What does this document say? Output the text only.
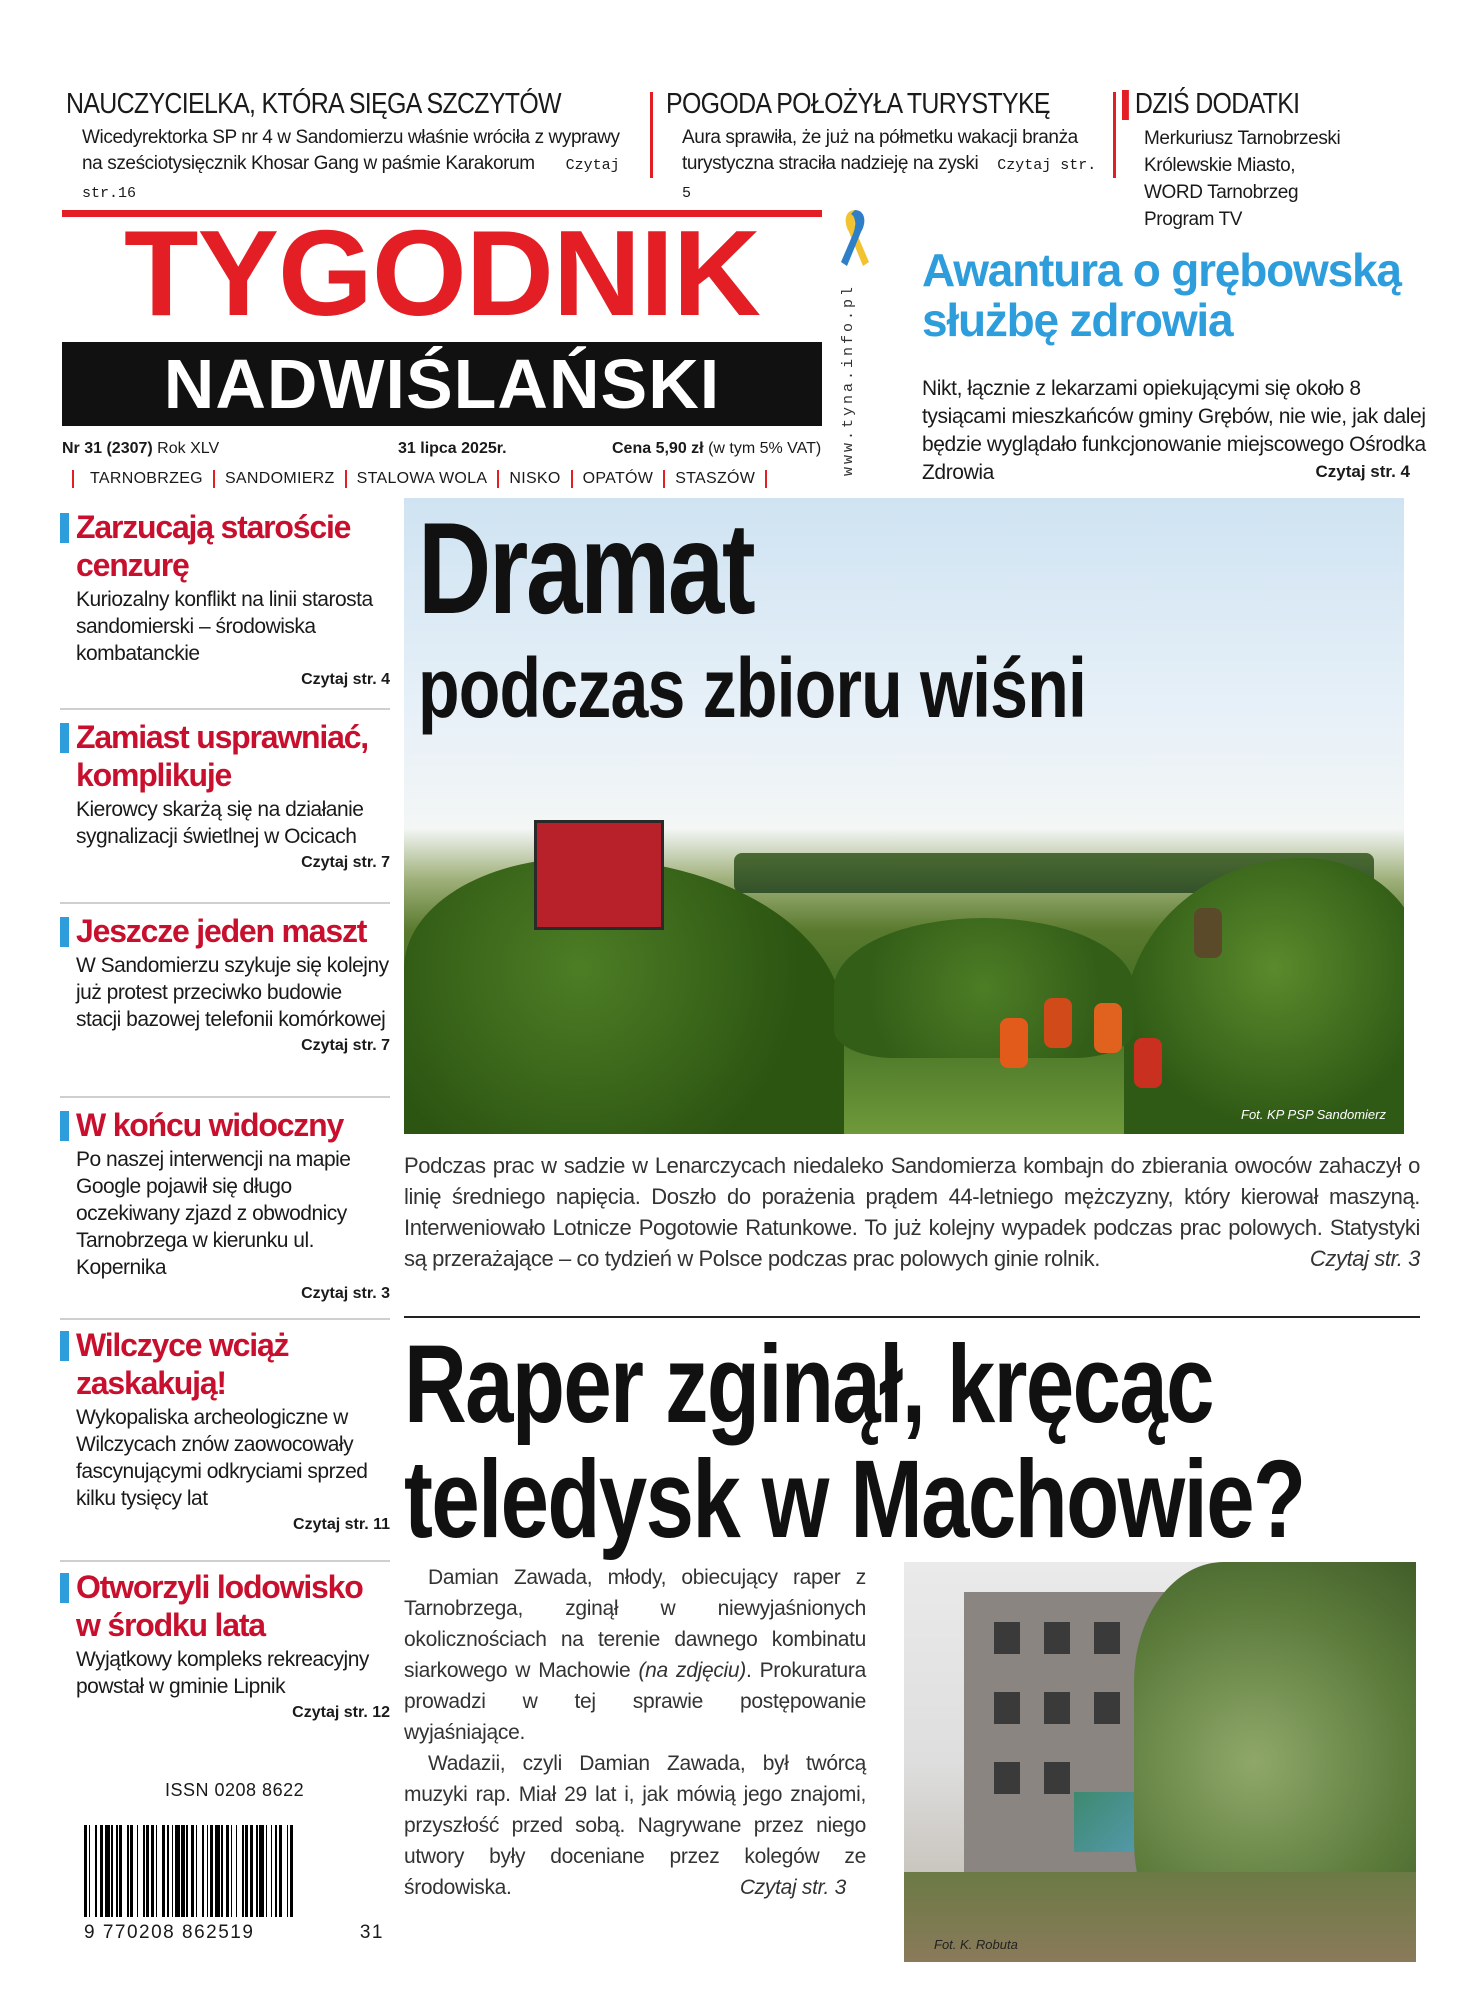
NAUCZYCIELKA, KTÓRA SIĘGA SZCZYTÓW
Wicedyrektorka SP nr 4 w Sandomierzu właśnie wróciła z wyprawy na sześciotysięcznik Khosar Gang w paśmie Karakorum Czytaj str.16
POGODA POŁOŻYŁA TURYSTYKĘ
Aura sprawiła, że już na półmetku wakacji branża turystyczna straciła nadzieję na zyski Czytaj str. 5
DZIŚ DODATKI
Merkuriusz Tarnobrzeski
Królewskie Miasto,
WORD Tarnobrzeg
Program TV
TYGODNIK
NADWIŚLAŃSKI	www.tyna.info.pl
Nr 31 (2307) Rok XLV	31 lipca 2025r.	Cena 5,90 zł (w tym 5% VAT)
TARNOBRZEG SANDOMIERZ STALOWA WOLA NISKO OPATÓW STASZÓW
Awantura o grębowską służbę zdrowia
Nikt, łącznie z lekarzami opiekującymi się około 8 tysiącami mieszkańców gminy Grębów, nie wie, jak dalej będzie wyglądało funkcjonowanie miejscowego Ośrodka Zdrowia	Czytaj str. 4
Zarzucają staroście cenzurę
Kuriozalny konflikt na linii starosta sandomierski – środowiska kombatanckie
Czytaj str. 4
Zamiast usprawniać, komplikuje
Kierowcy skarżą się na działanie sygnalizacji świetlnej w Ocicach
Czytaj str. 7
Jeszcze jeden maszt
W Sandomierzu szykuje się kolejny już protest przeciwko budowie stacji bazowej telefonii komórkowej
Czytaj str. 7
W końcu widoczny
Po naszej interwencji na mapie Google pojawił się długo oczekiwany zjazd z obwodnicy Tarnobrzega w kierunku ul. Kopernika
Czytaj str. 3
Wilczyce wciąż zaskakują!
Wykopaliska archeologiczne w Wilczycach znów zaowocowały fascynującymi odkryciami sprzed kilku tysięcy lat
Czytaj str. 11
Otworzyli lodowisko w środku lata
Wyjątkowy kompleks rekreacyjny powstał w gminie Lipnik
Czytaj str. 12
Fot. KP PSP Sandomierz
Dramat
podczas zbioru wiśni
Podczas prac w sadzie w Lenarczycach niedaleko Sandomierza kombajn do zbierania owoców zahaczył o linię średniego napięcia. Doszło do porażenia prądem 44-letniego mężczyzny, który kierował maszyną. Interweniowało Lotnicze Pogotowie Ratunkowe. To już kolejny wypadek podczas prac polowych. Statystyki są przerażające – co tydzień w Polsce podczas prac polowych ginie rolnik.	Czytaj str. 3
Raper zginął, kręcąc
teledysk w Machowie?

Damian Zawada, młody, obiecujący raper z Tarnobrzega, zginął w niewyjaśnionych okolicznościach na terenie dawnego kombinatu siarkowego w Machowie (na zdjęciu). Prokuratura prowadzi w tej sprawie postępowanie wyjaśniające.

Wadazii, czyli Damian Zawada, był twórcą muzyki rap. Miał 29 lat i, jak mówią jego znajomi, przyszłość przed sobą. Nagrywane przez niego utwory były doceniane przez kolegów ze środowiska.	Czytaj str. 3

Fot. K. Robuta
ISSN 0208 8622
9 770208 862519	31
